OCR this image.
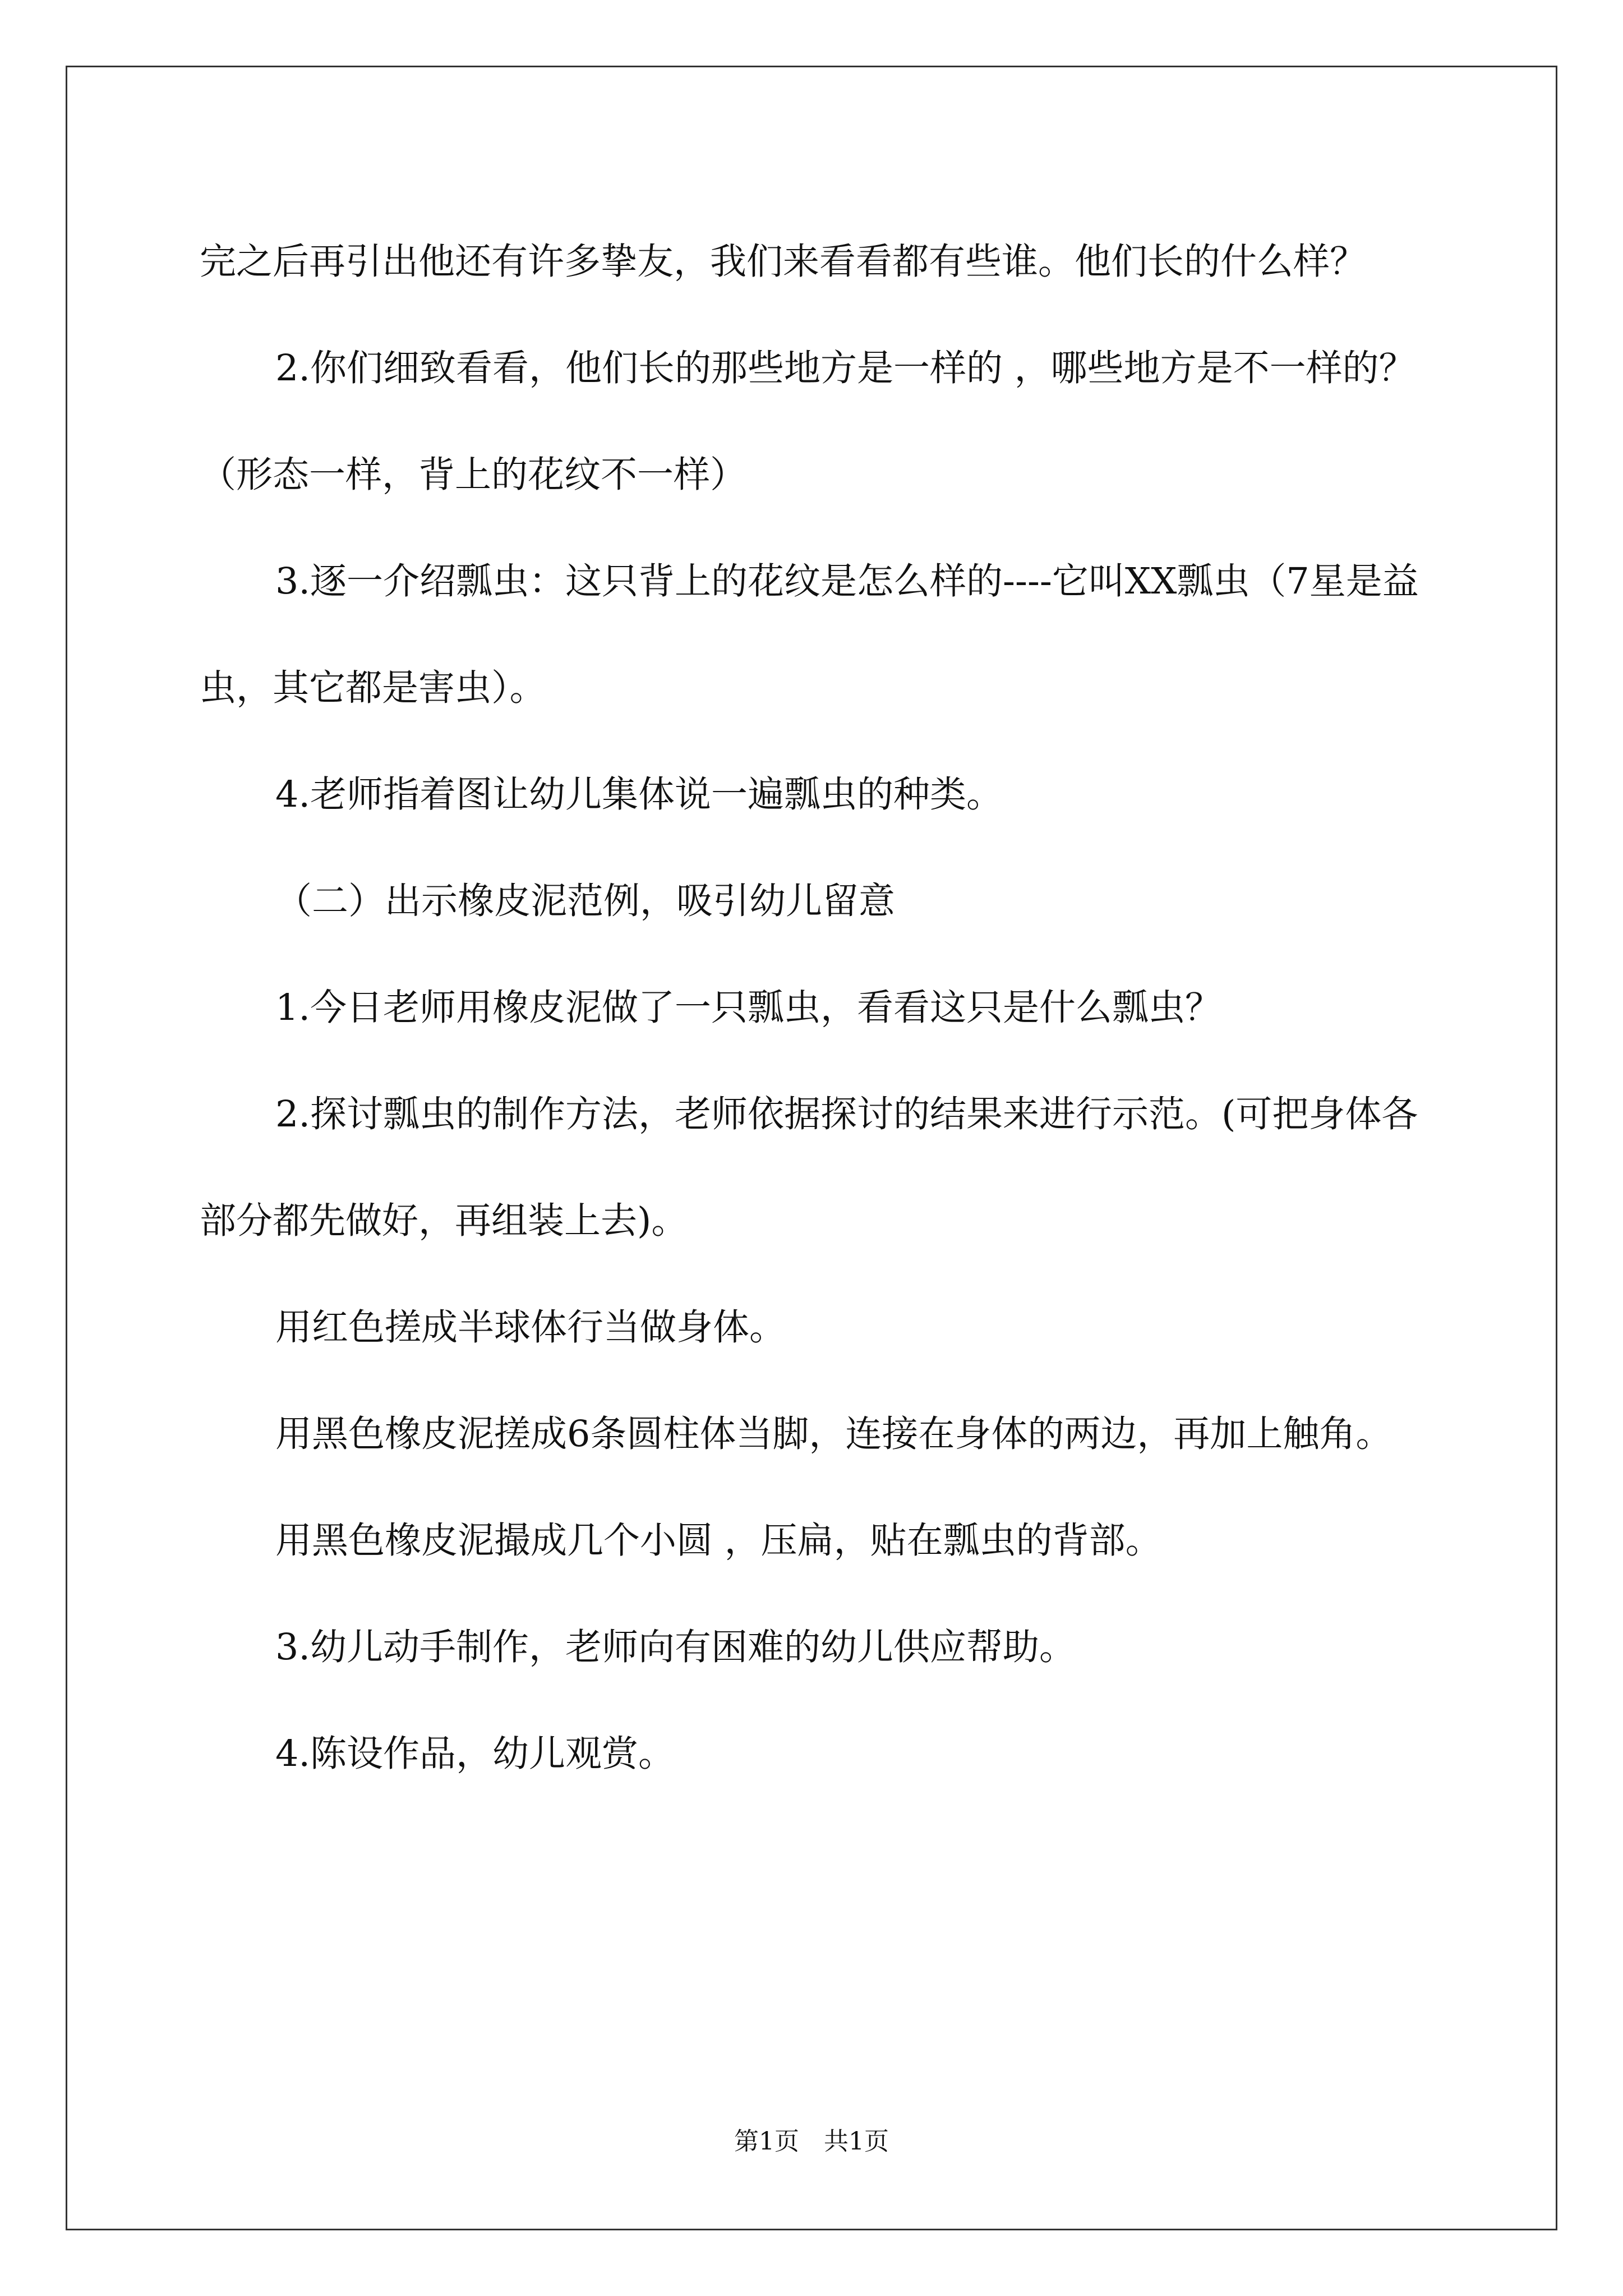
完之后再引出他还有许多挚友，我们来看看都有些谁。他们长的什么样？

2.你们细致看看，他们长的那些地方是一样的 ，哪些地方是不一样的？（形态一样，背上的花纹不一样）

3.逐一介绍瓢虫：这只背上的花纹是怎么样的----它叫XX瓢虫（7星是益虫，其它都是害虫）。

4.老师指着图让幼儿集体说一遍瓢虫的种类。

（二）出示橡皮泥范例，吸引幼儿留意

1.今日老师用橡皮泥做了一只瓢虫，看看这只是什么瓢虫？

2.探讨瓢虫的制作方法，老师依据探讨的结果来进行示范。(可把身体各部分都先做好，再组装上去)。

用红色搓成半球体行当做身体。

用黑色橡皮泥搓成6条圆柱体当脚，连接在身体的两边，再加上触角。

用黑色橡皮泥撮成几个小圆 ，压扁，贴在瓢虫的背部。

3.幼儿动手制作，老师向有困难的幼儿供应帮助。

4.陈设作品，幼儿观赏。

第1页　共1页
